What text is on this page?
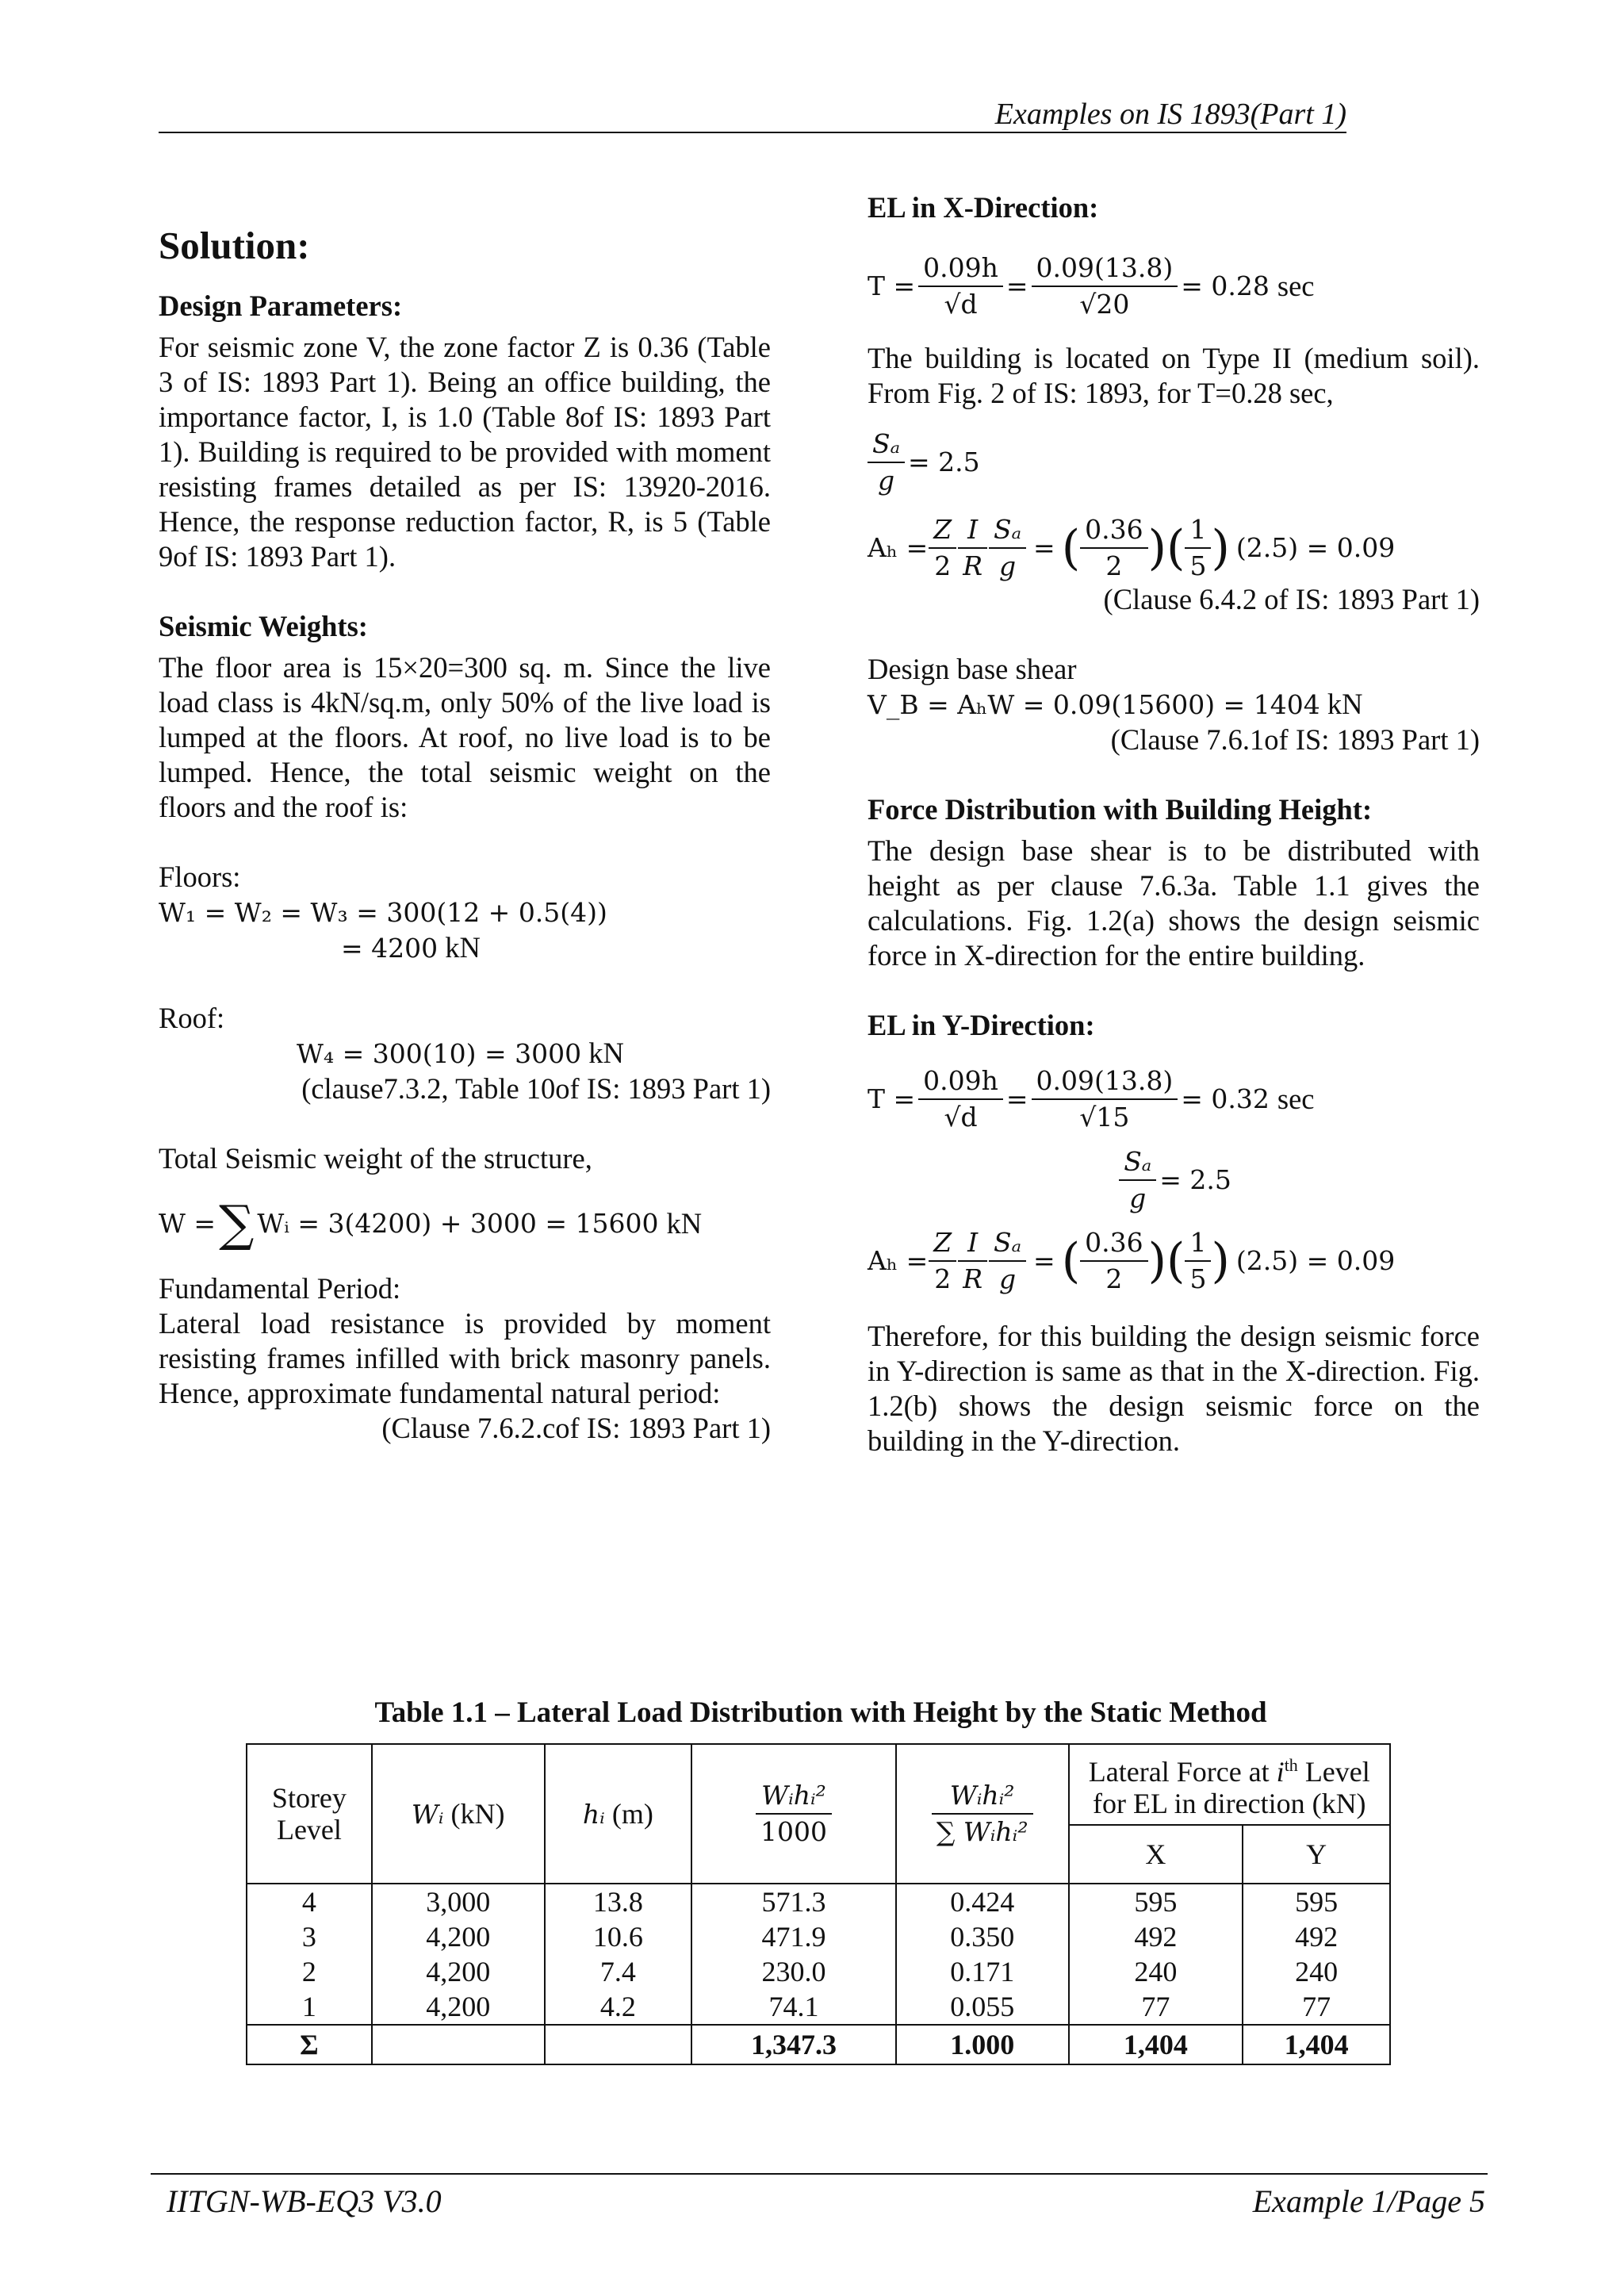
Examples on IS 1893(Part 1)

Solution:

Design Parameters:

For seismic zone V, the zone factor Z is 0.36 (Table 3 of IS: 1893 Part 1). Being an office building, the importance factor, I, is 1.0 (Table 8of IS: 1893 Part 1). Building is required to be provided with moment resisting frames detailed as per IS: 13920-2016. Hence, the response reduction factor, R, is 5 (Table 9of IS: 1893 Part 1).

Seismic Weights:

The floor area is 15×20=300 sq. m. Since the live load class is 4kN/sq.m, only 50% of the live load is lumped at the floors. At roof, no live load is to be lumped. Hence, the total seismic weight on the floors and the roof is:

Floors:
W₁ = W₂ = W₃ = 300(12 + 0.5(4))
= 4200 kN
Roof:
W₄ = 300(10) = 3000 kN
(clause7.3.2, Table 10of IS: 1893 Part 1)
Total Seismic weight of the structure,
W = ∑ Wᵢ = 3(4200) + 3000 = 15600 kN
Fundamental Period:

Lateral load resistance is provided by moment resisting frames infilled with brick masonry panels. Hence, approximate fundamental natural period:

(Clause 7.6.2.cof IS: 1893 Part 1)

EL in X-Direction:

$T = \frac{0.09h}{√d} = \frac{0.09(13.8)}{√20} = 0.28$ sec

The building is located on Type II (medium soil). From Fig. 2 of IS: 1893, for T=0.28 sec,

$\frac{\text{Sₐ}}{g} = 2.5$
$A_h = \frac{Z}{2} \frac{I}{R} \frac{\text{Sₐ}}{g}$ = ( $\frac{0.36}{2}$ ) ( $\frac{1}{5}$ ) (2.5) = 0.09
(Clause 6.4.2 of IS: 1893 Part 1)
Design base shear
V_B = AₕW = 0.09(15600) = 1404 kN
(Clause 7.6.1of IS: 1893 Part 1)

Force Distribution with Building Height:

The design base shear is to be distributed with height as per clause 7.6.3a. Table 1.1 gives the calculations. Fig. 1.2(a) shows the design seismic force in X-direction for the entire building.

EL in Y-Direction:

$T = \frac{0.09h}{√d} = \frac{0.09(13.8)}{√15} = 0.32$ sec
$\frac{\text{Sₐ}}{g} = 2.5$
$A_h = \frac{Z}{2} \frac{I}{R} \frac{\text{Sₐ}}{g}$ = ( $\frac{0.36}{2}$ ) ( $\frac{1}{5}$ ) (2.5) = 0.09

Therefore, for this building the design seismic force in Y-direction is same as that in the X-direction. Fig. 1.2(b) shows the design seismic force on the building in the Y-direction.

Table 1.1 – Lateral Load Distribution with Height by the Static Method
Storey Level	Wᵢ (kN)	hᵢ (m)	$\frac{\text{Wᵢhᵢ²}}{1000}$	$\frac{\text{Wᵢhᵢ²}}{\text{∑ Wᵢhᵢ²}}$	Lateral Force at $i^{th}$ Level for EL in direction (kN)	
					X	Y
4	3,000	13.8	571.3	0.424	595	595
3	4,200	10.6	471.9	0.350	492	492
2	4,200	7.4	230.0	0.171	240	240
1	4,200	4.2	74.1	0.055	77	77
Σ			1,347.3	1.000	1,404	1,404
IITGN-WB-EQ3 V3.0	Example 1/Page 5
